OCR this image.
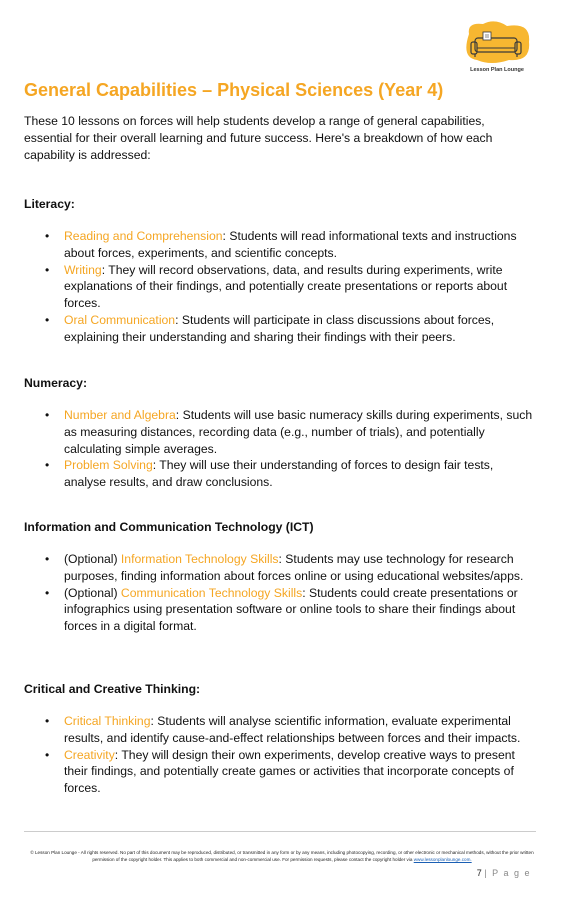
Lesson Plan Lounge
General Capabilities – Physical Sciences (Year 4)
These 10 lessons on forces will help students develop a range of general capabilities, essential for their overall learning and future success. Here's a breakdown of how each capability is addressed:
Literacy:
• Reading and Comprehension: Students will read informational texts and instructions about forces, experiments, and scientific concepts.
• Writing: They will record observations, data, and results during experiments, write explanations of their findings, and potentially create presentations or reports about forces.
• Oral Communication: Students will participate in class discussions about forces, explaining their understanding and sharing their findings with their peers.
Numeracy:
• Number and Algebra: Students will use basic numeracy skills during experiments, such as measuring distances, recording data (e.g., number of trials), and potentially calculating simple averages.
• Problem Solving: They will use their understanding of forces to design fair tests, analyse results, and draw conclusions.
Information and Communication Technology (ICT)
• (Optional) Information Technology Skills: Students may use technology for research purposes, finding information about forces online or using educational websites/apps.
• (Optional) Communication Technology Skills: Students could create presentations or infographics using presentation software or online tools to share their findings about forces in a digital format.
Critical and Creative Thinking:
• Critical Thinking: Students will analyse scientific information, evaluate experimental results, and identify cause-and-effect relationships between forces and their impacts.
• Creativity: They will design their own experiments, develop creative ways to present their findings, and potentially create games or activities that incorporate concepts of forces.
© Lesson Plan Lounge - All rights reserved. No part of this document may be reproduced, distributed, or transmitted in any form or by any means, including photocopying, recording, or other electronic or mechanical methods, without the prior written permission of the copyright holder. This applies to both commercial and non-commercial use. For permission requests, please contact the copyright holder via www.lessonplanlounge.com.
7 | P a g e
